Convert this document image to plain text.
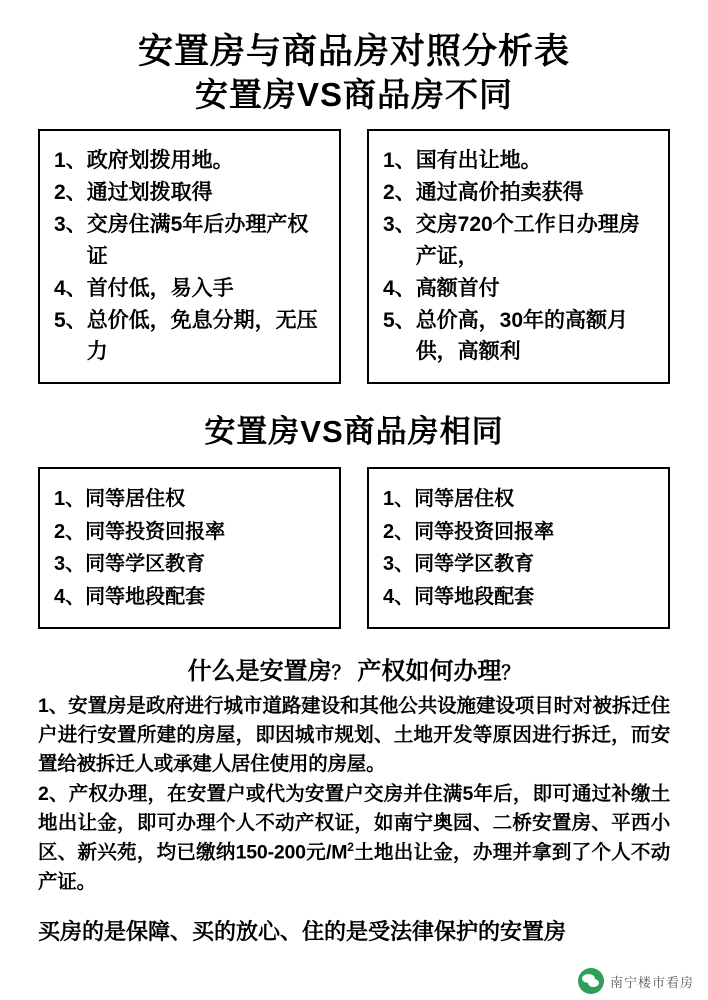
安置房与商品房对照分析表
安置房VS商品房不同
1、 政府划拨用地。
2、 通过划拨取得
3、 交房住满5年后办理产权证
4、 首付低，易入手
5、 总价低，免息分期，无压力
1、 国有出让地。
2、 通过高价拍卖获得
3、 交房720个工作日办理房产证，
4、 高额首付
5、 总价高，30年的高额月供，高额利
安置房VS商品房相同
1、 同等居住权
2、 同等投资回报率
3、 同等学区教育
4、 同等地段配套
1、 同等居住权
2、 同等投资回报率
3、 同等学区教育
4、 同等地段配套
什么是安置房？ 产权如何办理？
1、安置房是政府进行城市道路建设和其他公共设施建设项目时对被拆迁住户进行安置所建的房屋，即因城市规划、土地开发等原因进行拆迁，而安置给被拆迁人或承建人居住使用的房屋。
2、产权办理，在安置户或代为安置户交房并住满5年后，即可通过补缴土地出让金，即可办理个人不动产权证，如南宁奥园、二桥安置房、平西小区、新兴苑，均已缴纳150-200元$/M^2$土地出让金，办理并拿到了个人不动产证。
买房的是保障、买的放心、住的是受法律保护的安置房
南宁楼市看房
